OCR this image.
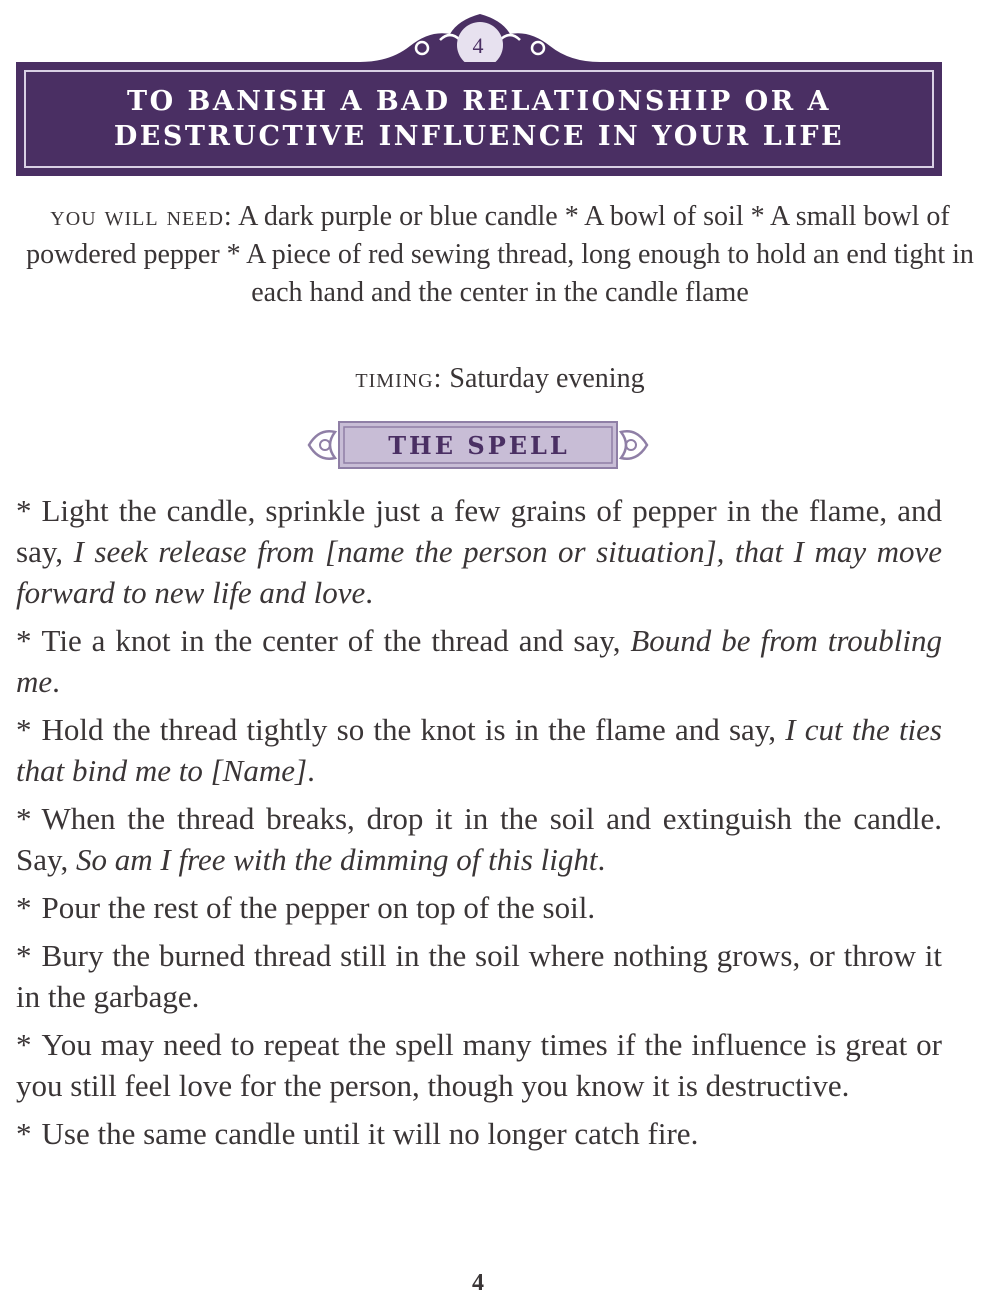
4
TO BANISH A BAD RELATIONSHIP OR A DESTRUCTIVE INFLUENCE IN YOUR LIFE
you will need: A dark purple or blue candle * A bowl of soil * A small bowl of powdered pepper * A piece of red sewing thread, long enough to hold an end tight in each hand and the center in the candle flame
timing: Saturday evening
THE SPELL
* Light the candle, sprinkle just a few grains of pepper in the flame, and say, I seek release from [name the person or situation], that I may move forward to new life and love.
* Tie a knot in the center of the thread and say, Bound be from troubling me.
* Hold the thread tightly so the knot is in the flame and say, I cut the ties that bind me to [Name].
* When the thread breaks, drop it in the soil and extinguish the candle. Say, So am I free with the dimming of this light.
* Pour the rest of the pepper on top of the soil.
* Bury the burned thread still in the soil where nothing grows, or throw it in the garbage.
* You may need to repeat the spell many times if the influence is great or you still feel love for the person, though you know it is destructive.
* Use the same candle until it will no longer catch fire.
4
